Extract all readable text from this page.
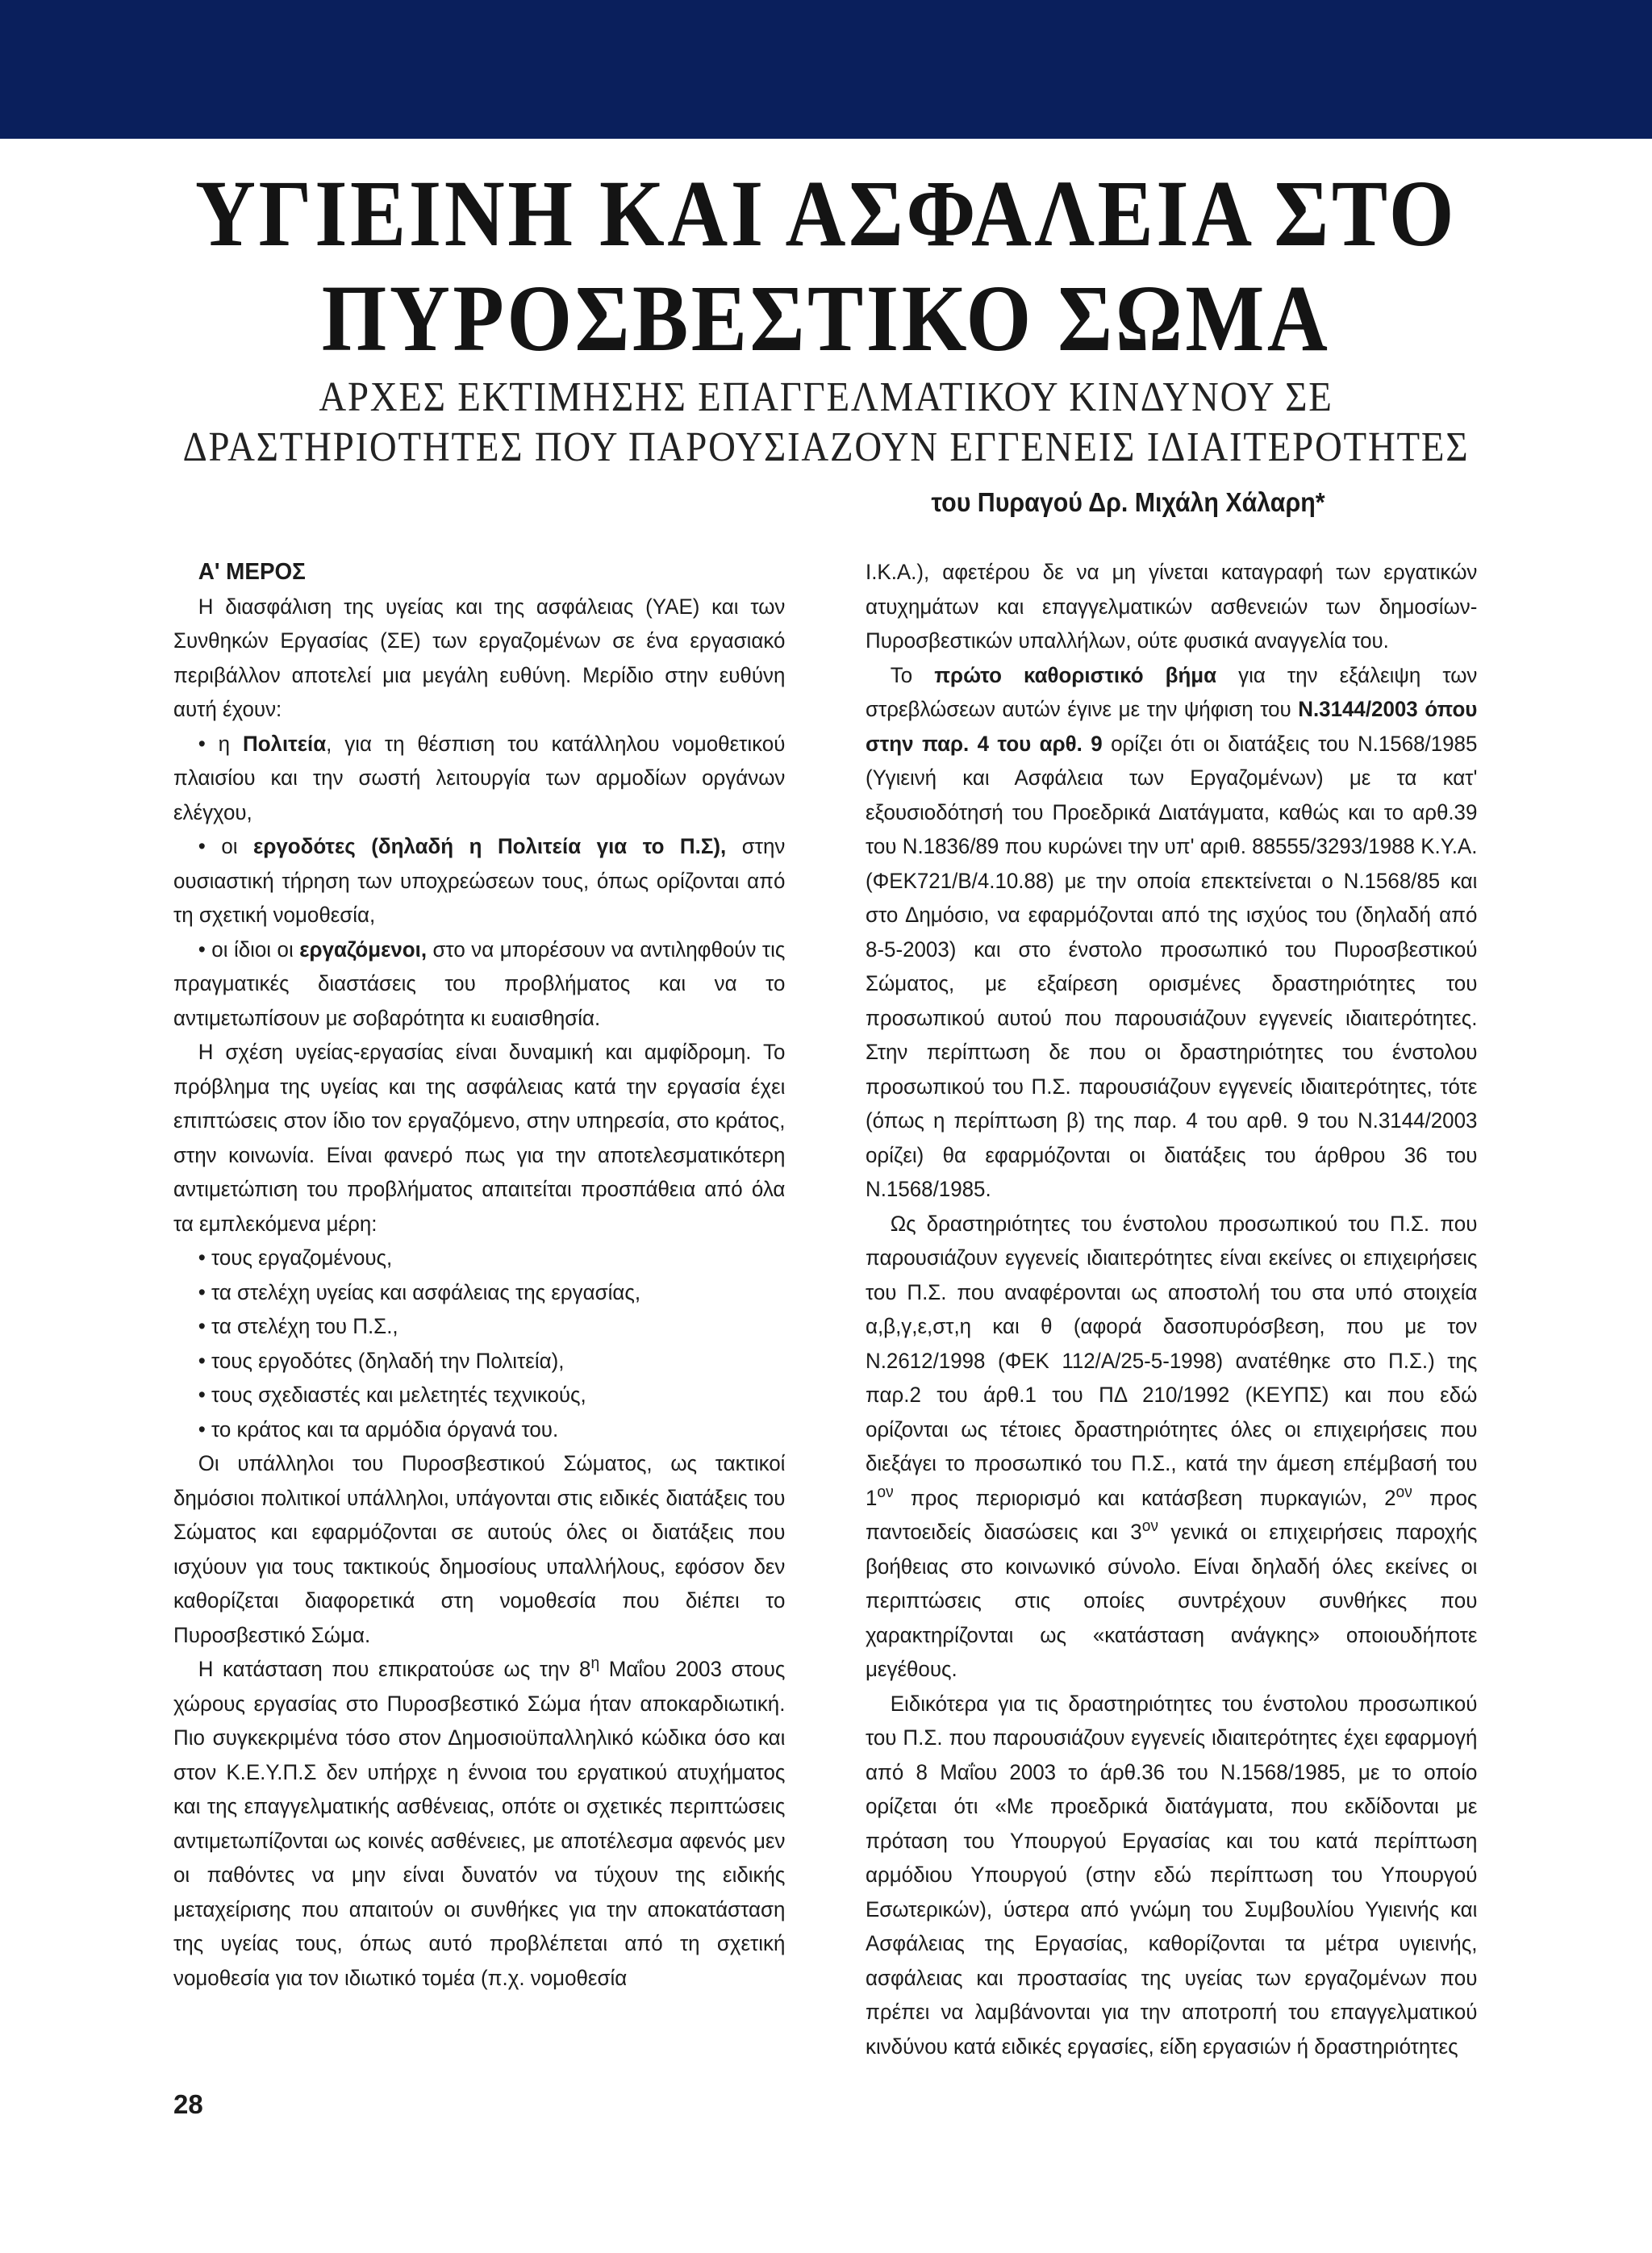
ΥΓΙΕΙΝΗ ΚΑΙ ΑΣΦΑΛΕΙΑ ΣΤΟ
ΠΥΡΟΣΒΕΣΤΙΚΟ ΣΩΜΑ
ΑΡΧΕΣ ΕΚΤΙΜΗΣΗΣ ΕΠΑΓΓΕΛΜΑΤΙΚΟΥ ΚΙΝΔΥΝΟΥ ΣΕ
ΔΡΑΣΤΗΡΙΟΤΗΤΕΣ ΠΟΥ ΠΑΡΟΥΣΙΑΖΟΥΝ ΕΓΓΕΝΕΙΣ ΙΔΙΑΙΤΕΡΟΤΗΤΕΣ
του Πυραγού Δρ. Μιχάλη Χάλαρη*

Α' ΜΕΡΟΣ

Η διασφάλιση της υγείας και της ασφάλειας (ΥΑΕ) και των Συνθηκών Εργασίας (ΣΕ) των εργαζομένων σε ένα εργασιακό περιβάλλον αποτελεί μια μεγάλη ευθύνη. Μερίδιο στην ευθύνη αυτή έχουν:

• η Πολιτεία, για τη θέσπιση του κατάλληλου νομοθετικού πλαισίου και την σωστή λειτουργία των αρμοδίων οργάνων ελέγχου,

• οι εργοδότες (δηλαδή η Πολιτεία για το Π.Σ), στην ουσιαστική τήρηση των υποχρεώσεων τους, όπως ορίζονται από τη σχετική νομοθεσία,

• οι ίδιοι οι εργαζόμενοι, στο να μπορέσουν να αντιληφθούν τις πραγματικές διαστάσεις του προβλήματος και να το αντιμετωπίσουν με σοβαρότητα κι ευαισθησία.

Η σχέση υγείας-εργασίας είναι δυναμική και αμφίδρομη. Το πρόβλημα της υγείας και της ασφάλειας κατά την εργασία έχει επιπτώσεις στον ίδιο τον εργαζόμενο, στην υπηρεσία, στο κράτος, στην κοινωνία. Είναι φανερό πως για την αποτελεσματικότερη αντιμετώπιση του προβλήματος απαιτείται προσπάθεια από όλα τα εμπλεκόμενα μέρη:

• τους εργαζομένους,

• τα στελέχη υγείας και ασφάλειας της εργασίας,

• τα στελέχη του Π.Σ.,

• τους εργοδότες (δηλαδή την Πολιτεία),

• τους σχεδιαστές και μελετητές τεχνικούς,

• το κράτος και τα αρμόδια όργανά του.

Οι υπάλληλοι του Πυροσβεστικού Σώματος, ως τακτικοί δημόσιοι πολιτικοί υπάλληλοι, υπάγονται στις ειδικές διατάξεις του Σώματος και εφαρμόζονται σε αυτούς όλες οι διατάξεις που ισχύουν για τους τακτικούς δημοσίους υπαλλήλους, εφόσον δεν καθορίζεται διαφορετικά στη νομοθεσία που διέπει το Πυροσβεστικό Σώμα.

Η κατάσταση που επικρατούσε ως την $8^\eta$ Μαΐου 2003 στους χώρους εργασίας στο Πυροσβεστικό Σώμα ήταν αποκαρδιωτική. Πιο συγκεκριμένα τόσο στον Δημοσιοϋπαλληλικό κώδικα όσο και στον Κ.Ε.Υ.Π.Σ δεν υπήρχε η έννοια του εργατικού ατυχήματος και της επαγγελματικής ασθένειας, οπότε οι σχετικές περιπτώσεις αντιμετωπίζονται ως κοινές ασθένειες, με αποτέλεσμα αφενός μεν οι παθόντες να μην είναι δυνατόν να τύχουν της ειδικής μεταχείρισης που απαιτούν οι συνθήκες για την αποκατάσταση της υγείας τους, όπως αυτό προβλέπεται από τη σχετική νομοθεσία για τον ιδιωτικό τομέα (π.χ. νομοθεσία

Ι.Κ.Α.), αφετέρου δε να μη γίνεται καταγραφή των εργατικών ατυχημάτων και επαγγελματικών ασθενειών των δημοσίων-Πυροσβεστικών υπαλλήλων, ούτε φυσικά αναγγελία του.

Το πρώτο καθοριστικό βήμα για την εξάλειψη των στρεβλώσεων αυτών έγινε με την ψήφιση του Ν.3144/2003 όπου στην παρ. 4 του αρθ. 9 ορίζει ότι οι διατάξεις του Ν.1568/1985 (Υγιεινή και Ασφάλεια των Εργαζομένων) με τα κατ' εξουσιοδότησή του Προεδρικά Διατάγματα, καθώς και το αρθ.39 του Ν.1836/89 που κυρώνει την υπ' αριθ. 88555/3293/1988 Κ.Υ.Α. (ΦΕΚ721/Β/4.10.88) με την οποία επεκτείνεται ο Ν.1568/85 και στο Δημόσιο, να εφαρμόζονται από της ισχύος του (δηλαδή από 8-5-2003) και στο ένστολο προσωπικό του Πυροσβεστικού Σώματος, με εξαίρεση ορισμένες δραστηριότητες του προσωπικού αυτού που παρουσιάζουν εγγενείς ιδιαιτερότητες. Στην περίπτωση δε που οι δραστηριότητες του ένστολου προσωπικού του Π.Σ. παρουσιάζουν εγγενείς ιδιαιτερότητες, τότε (όπως η περίπτωση β) της παρ. 4 του αρθ. 9 του Ν.3144/2003 ορίζει) θα εφαρμόζονται οι διατάξεις του άρθρου 36 του Ν.1568/1985.

Ως δραστηριότητες του ένστολου προσωπικού του Π.Σ. που παρουσιάζουν εγγενείς ιδιαιτερότητες είναι εκείνες οι επιχειρήσεις του Π.Σ. που αναφέρονται ως αποστολή του στα υπό στοιχεία α,β,γ,ε,στ,η και θ (αφορά δασοπυρόσβεση, που με τον Ν.2612/1998 (ΦΕΚ 112/Α/25-5-1998) ανατέθηκε στο Π.Σ.) της παρ.2 του άρθ.1 του ΠΔ 210/1992 (ΚΕΥΠΣ) και που εδώ ορίζονται ως τέτοιες δραστηριότητες όλες οι επιχειρήσεις που διεξάγει το προσωπικό του Π.Σ., κατά την άμεση επέμβασή του $1^{o\nu}$ προς περιορισμό και κατάσβεση πυρκαγιών, $2^{o\nu}$ προς παντοειδείς διασώσεις και $3^{o\nu}$ γενικά οι επιχειρήσεις παροχής βοήθειας στο κοινωνικό σύνολο. Είναι δηλαδή όλες εκείνες οι περιπτώσεις στις οποίες συντρέχουν συνθήκες που χαρακτηρίζονται ως «κατάσταση ανάγκης» οποιουδήποτε μεγέθους.

Ειδικότερα για τις δραστηριότητες του ένστολου προσωπικού του Π.Σ. που παρουσιάζουν εγγενείς ιδιαιτερότητες έχει εφαρμογή από 8 Μαΐου 2003 το άρθ.36 του Ν.1568/1985, με το οποίο ορίζεται ότι «Με προεδρικά διατάγματα, που εκδίδονται με πρόταση του Υπουργού Εργασίας και του κατά περίπτωση αρμόδιου Υπουργού (στην εδώ περίπτωση του Υπουργού Εσωτερικών), ύστερα από γνώμη του Συμβουλίου Υγιεινής και Ασφάλειας της Εργασίας, καθορίζονται τα μέτρα υγιεινής, ασφάλειας και προστασίας της υγείας των εργαζομένων που πρέπει να λαμβάνονται για την αποτροπή του επαγγελματικού κινδύνου κατά ειδικές εργασίες, είδη εργασιών ή δραστηριότητες

28
